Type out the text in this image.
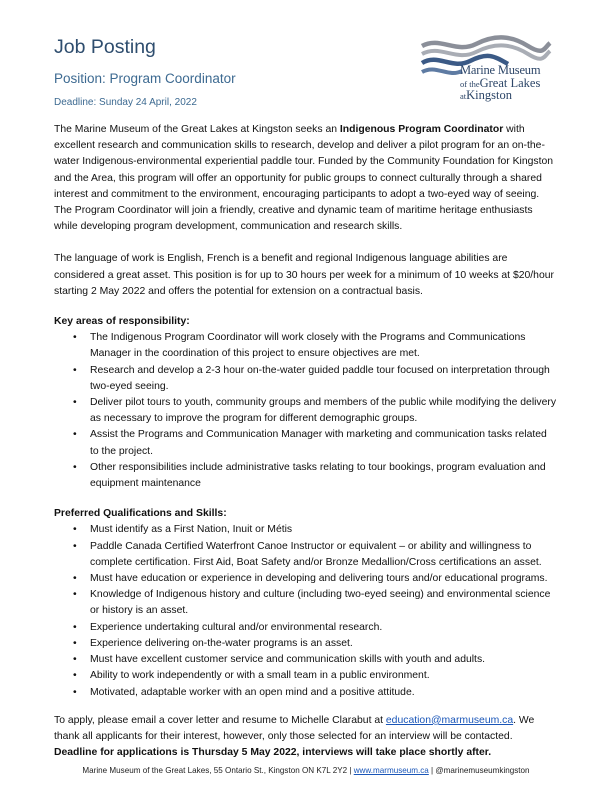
Job Posting
Position: Program Coordinator
Deadline: Sunday 24 April, 2022
Marine Museum
of theGreat Lakes
atKingston

The Marine Museum of the Great Lakes at Kingston seeks an Indigenous Program Coordinator with excellent research and communication skills to research, develop and deliver a pilot program for an on-the-water Indigenous-environmental experiential paddle tour. Funded by the Community Foundation for Kingston and the Area, this program will offer an opportunity for public groups to connect culturally through a shared interest and commitment to the environment, encouraging participants to adopt a two-eyed way of seeing. The Program Coordinator will join a friendly, creative and dynamic team of maritime heritage enthusiasts while developing program development, communication and research skills.

The language of work is English, French is a benefit and regional Indigenous language abilities are considered a great asset. This position is for up to 30 hours per week for a minimum of 10 weeks at $20/hour starting 2 May 2022 and offers the potential for extension on a contractual basis.

Key areas of responsibility:

• The Indigenous Program Coordinator will work closely with the Programs and Communications Manager in the coordination of this project to ensure objectives are met.
• Research and develop a 2-3 hour on-the-water guided paddle tour focused on interpretation through two-eyed seeing.
• Deliver pilot tours to youth, community groups and members of the public while modifying the delivery as necessary to improve the program for different demographic groups.
• Assist the Programs and Communication Manager with marketing and communication tasks related to the project.
• Other responsibilities include administrative tasks relating to tour bookings, program evaluation and equipment maintenance

Preferred Qualifications and Skills:

• Must identify as a First Nation, Inuit or Métis
• Paddle Canada Certified Waterfront Canoe Instructor or equivalent – or ability and willingness to complete certification. First Aid, Boat Safety and/or Bronze Medallion/Cross certifications an asset.
• Must have education or experience in developing and delivering tours and/or educational programs.
• Knowledge of Indigenous history and culture (including two-eyed seeing) and environmental science or history is an asset.
• Experience undertaking cultural and/or environmental research.
• Experience delivering on-the-water programs is an asset.
• Must have excellent customer service and communication skills with youth and adults.
• Ability to work independently or with a small team in a public environment.
• Motivated, adaptable worker with an open mind and a positive attitude.

To apply, please email a cover letter and resume to Michelle Clarabut at education@marmuseum.ca. We thank all applicants for their interest, however, only those selected for an interview will be contacted. Deadline for applications is Thursday 5 May 2022, interviews will take place shortly after.

Marine Museum of the Great Lakes, 55 Ontario St., Kingston ON K7L 2Y2 | www.marmuseum.ca | @marinemuseumkingston
